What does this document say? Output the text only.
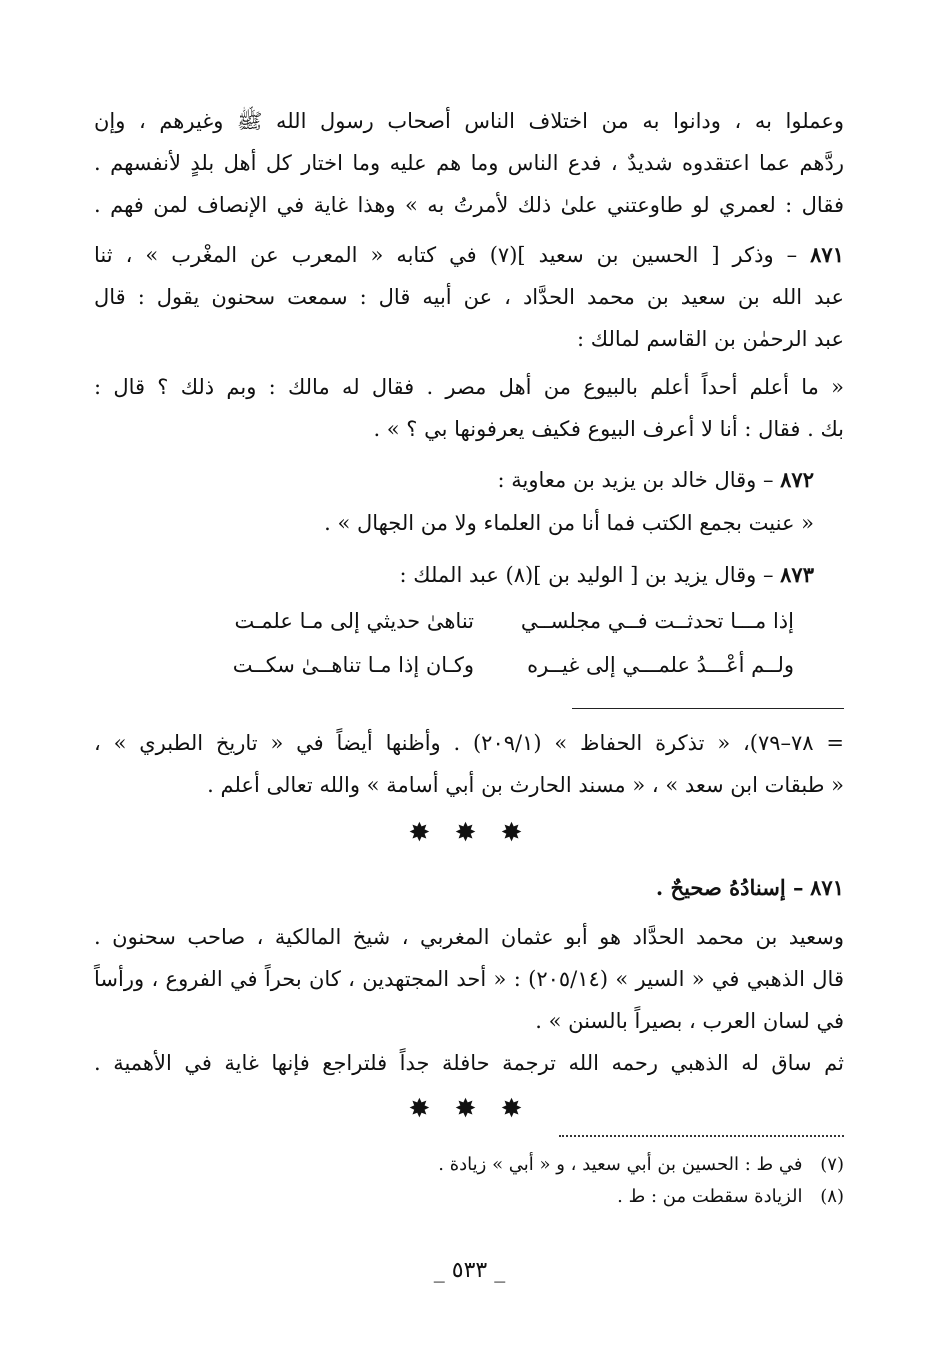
وعملوا به ، ودانوا به من اختلاف الناس أصحاب رسول الله ﷺ وغيرهم ، وإن
ردَّهم عما اعتقدوه شديدٌ ، فدع الناس وما هم عليه وما اختار كل أهل بلدٍ لأنفسهم .
فقال : لعمري لو طاوعتني علىٰ ذلك لأمرتُ به » وهذا غاية في الإنصاف لمن فهم .
٨٧١ – وذكر [ الحسين بن سعيد ](٧) في كتابه « المعرب عن المغْرب » ، ثنا
عبد الله بن سعيد بن محمد الحدَّاد ، عن أبيه قال : سمعت سحنون يقول : قال
عبد الرحمٰن بن القاسم لمالك :
« ما أعلم أحداً أعلم بالبيوع من أهل مصر . فقال له مالك : وبم ذلك ؟ قال :
بك . فقال : أنا لا أعرف البيوع فكيف يعرفونها بي ؟ » .
٨٧٢ – وقال خالد بن يزيد بن معاوية :
« عنيت بجمع الكتب فما أنا من العلماء ولا من الجهال » .
٨٧٣ – وقال يزيد بن [ الوليد بن ](٨) عبد الملك :
إذا مـــا تحدثــت فــي مجلســي
تناهىٰ حديثي إلى مـا علمـت
ولــم أعْـــدُ علمـــي إلى غيــره
وكـان إذا مـا تناهــىٰ سكــت
= ٧٨–٧٩)، « تذكرة الحفاظ » (٢٠٩/١) . وأظنها أيضاً في « تاريخ الطبري » ،
« طبقات ابن سعد » ، « مسند الحارث بن أبي أسامة » والله تعالى أعلم .
✸ ✸ ✸
٨٧١ – إسنادُهُ صحيحٌ .
وسعيد بن محمد الحدَّاد هو أبو عثمان المغربي ، شيخ المالكية ، صاحب سحنون .
قال الذهبي في « السير » (٢٠٥/١٤) : « أحد المجتهدين ، كان بحراً في الفروع ، ورأساً
في لسان العرب ، بصيراً بالسنن » .
ثم ساق له الذهبي رحمه الله ترجمة حافلة جداً فلتراجع فإنها غاية في الأهمية .
✸ ✸ ✸
(٧) في ط : الحسين بن أبي سعيد ، و « أبي » زيادة .
(٨) الزيادة سقطت من : ط .
_ ٥٣٣ _
